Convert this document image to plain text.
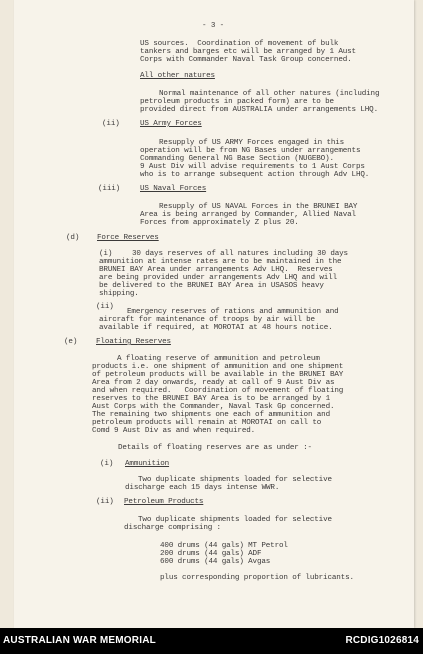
- 3 -
US sources.  Coordination of movement of bulk
tankers and barges etc will be arranged by 1 Aust
Corps with Commander Naval Task Group concerned.
All other natures
Normal maintenance of all other natures (including
petroleum products in packed form) are to be
provided direct from AUSTRALIA under arrangements LHQ.
(ii)	US Army Forces
Resupply of US ARMY Forces engaged in this
operation will be from NG Bases under arrangements
Commanding General NG Base Section (NUGEBO).
9 Aust Div will advise requirements to 1 Aust Corps
who is to arrange subsequent action through Adv LHQ.
(iii)	US Naval Forces
Resupply of US NAVAL Forces in the BRUNEI BAY
Area is being arranged by Commander, Allied Naval
Forces from approximately Z plus 20.
(d) Force Reserves
(i)	30 days reserves of all natures including 30 days
ammunition at intense rates are to be maintained in the
BRUNEI BAY Area under arrangements Adv LHQ.  Reserves
are being provided under arrangements Adv LHQ and will
be delivered to the BRUNEI BAY Area in USASOS heavy
shipping.
(ii)
Emergency reserves of rations and ammunition and
aircraft for maintenance of troops by air will be
available if required, at MOROTAI at 48 hours notice.
(e) Floating Reserves
A floating reserve of ammunition and petroleum
products i.e. one shipment of ammunition and one shipment
of petroleum products will be available in the BRUNEI BAY
Area from 2 day onwards, ready at call of 9 Aust Div as
and when required.   Coordination of movement of floating
reserves to the BRUNEI BAY Area is to be arranged by 1
Aust Corps with the Commander, Naval Task Gp concerned.
The remaining two shipments one each of ammunition and
petroleum products will remain at MOROTAI on call to
Comd 9 Aust Div as and when required.
Details of floating reserves are as under :-
(i) Ammunition
Two duplicate shipments loaded for selective
discharge each 15 days intense WWR.
(ii) Petroleum Products
Two duplicate shipments loaded for selective
discharge comprising :
400 drums (44 gals) MT Petrol
200 drums (44 gals) ADF
600 drums (44 gals) Avgas
plus corresponding proportion of lubricants.
AUSTRALIAN WAR MEMORIAL	RCDIG1026814
